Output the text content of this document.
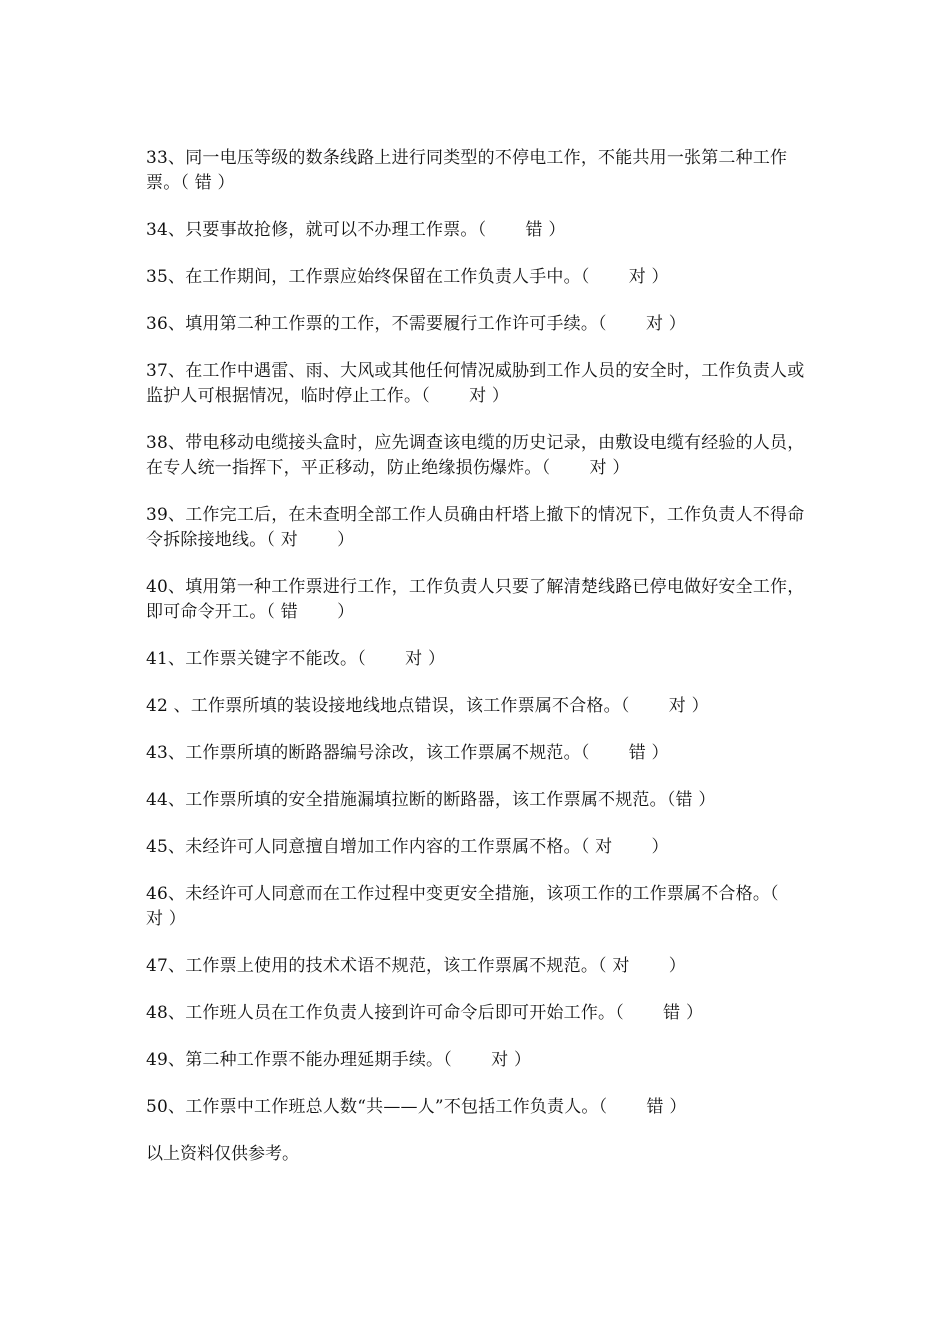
33、同一电压等级的数条线路上进行同类型的不停电工作，不能共用一张第二种工作票。（ 错 ）

34、只要事故抢修，就可以不办理工作票。（       错 ）

35、在工作期间，工作票应始终保留在工作负责人手中。（       对 ）

36、填用第二种工作票的工作，不需要履行工作许可手续。（       对 ）

37、在工作中遇雷、雨、大风或其他任何情况威胁到工作人员的安全时，工作负责人或监护人可根据情况，临时停止工作。（       对 ）

38、带电移动电缆接头盒时，应先调查该电缆的历史记录，由敷设电缆有经验的人员，在专人统一指挥下，平正移动，防止绝缘损伤爆炸。（       对 ）

39、工作完工后，在未查明全部工作人员确由杆塔上撤下的情况下，工作负责人不得命令拆除接地线。（ 对       ）

40、填用第一种工作票进行工作，工作负责人只要了解清楚线路已停电做好安全工作，即可命令开工。（ 错       ）

41、工作票关键字不能改。（       对 ）

42 、工作票所填的装设接地线地点错误，该工作票属不合格。（       对 ）

43、工作票所填的断路器编号涂改，该工作票属不规范。（       错 ）

44、工作票所填的安全措施漏填拉断的断路器，该工作票属不规范。（错 ）

45、未经许可人同意擅自增加工作内容的工作票属不格。（ 对       ）

46、未经许可人同意而在工作过程中变更安全措施，该项工作的工作票属不合格。（       对 ）

47、工作票上使用的技术术语不规范，该工作票属不规范。（ 对       ）

48、工作班人员在工作负责人接到许可命令后即可开始工作。（       错 ）

49、第二种工作票不能办理延期手续。（       对 ）

50、工作票中工作班总人数“共——人”不包括工作负责人。（       错 ）

以上资料仅供参考。
